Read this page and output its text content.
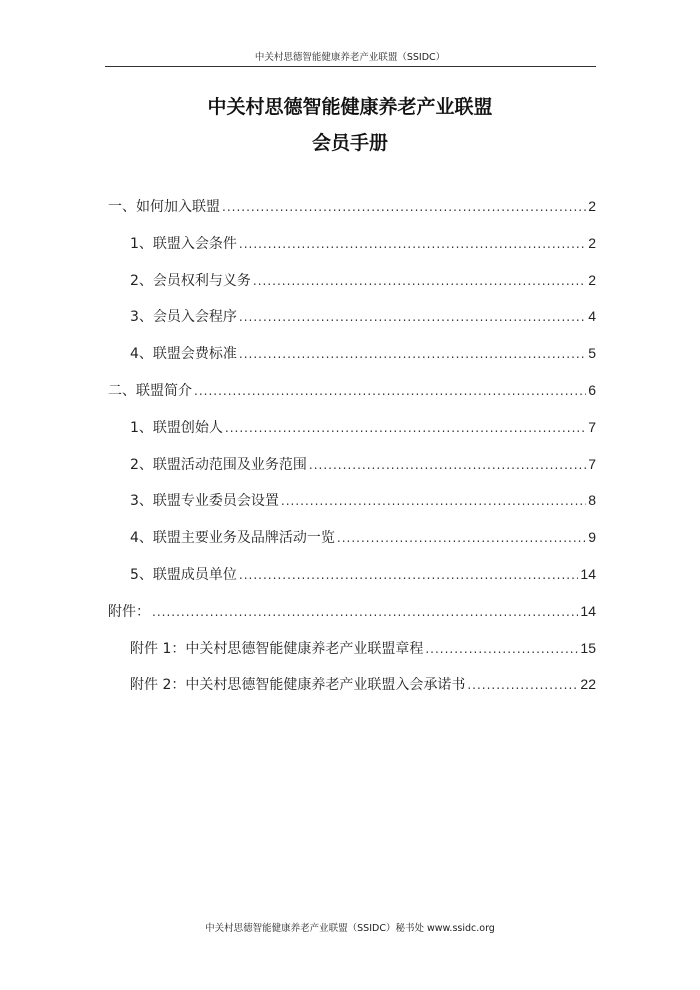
中关村思德智能健康养老产业联盟（SSIDC）
中关村思德智能健康养老产业联盟
会员手册
一、如何加入联盟 .....	2
1、联盟入会条件 .....	2
2、会员权利与义务 .....	2
3、会员入会程序 .....	4
4、联盟会费标准 .....	5
二、联盟简介 .....	6
1、联盟创始人 .....	7
2、联盟活动范围及业务范围 .....	7
3、联盟专业委员会设置 .....	8
4、联盟主要业务及品牌活动一览 .....	9
5、联盟成员单位 .....	14
附件： .....	14
附件 1：中关村思德智能健康养老产业联盟章程 .....	15
附件 2：中关村思德智能健康养老产业联盟入会承诺书 .....	22
中关村思德智能健康养老产业联盟（SSIDC）秘书处 www.ssidc.org
